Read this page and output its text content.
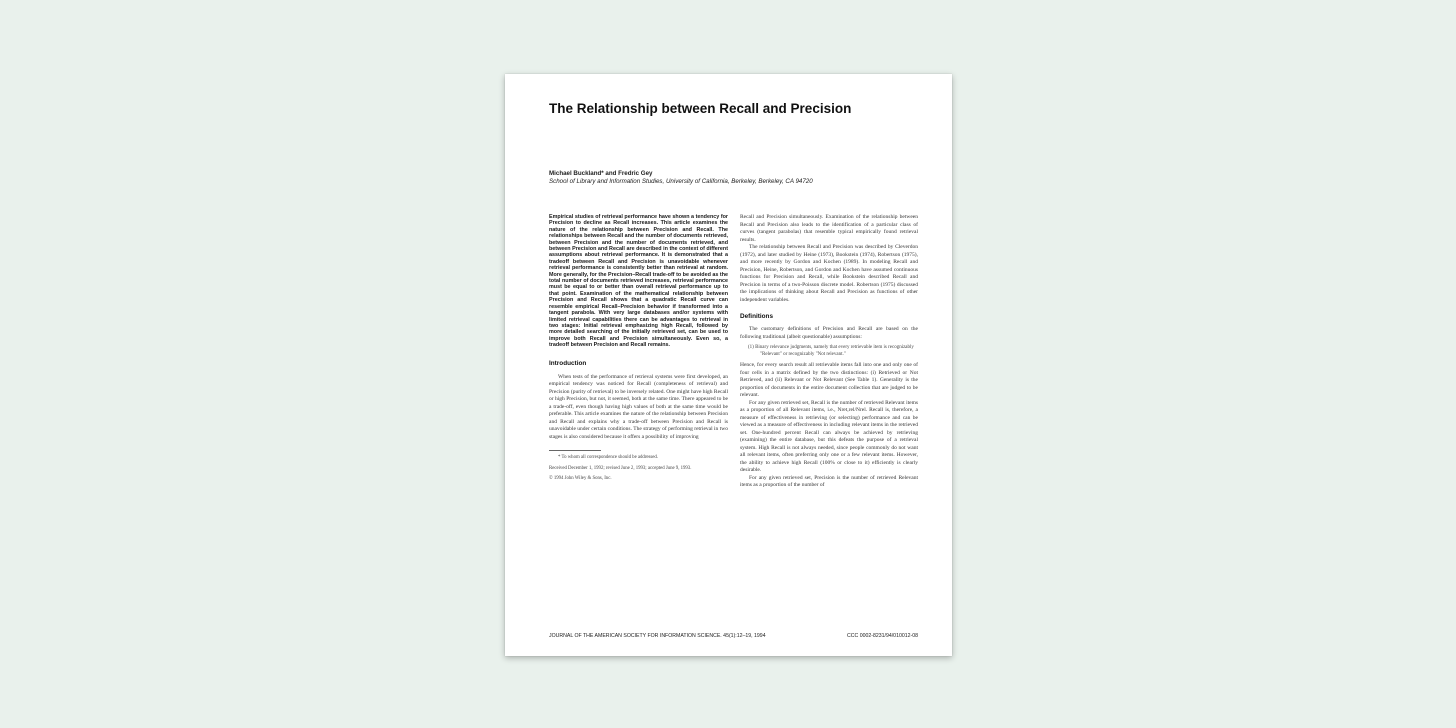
The Relationship between Recall and Precision
Michael Buckland* and Fredric Gey
School of Library and Information Studies, University of California, Berkeley, Berkeley, CA 94720

Empirical studies of retrieval performance have shown a tendency for Precision to decline as Recall increases. This article examines the nature of the relationship between Precision and Recall. The relationships between Recall and the number of documents retrieved, between Precision and the number of documents retrieved, and between Precision and Recall are described in the context of different assumptions about retrieval performance. It is demonstrated that a tradeoff between Recall and Precision is unavoidable whenever retrieval performance is consistently better than retrieval at random. More generally, for the Precision–Recall trade-off to be avoided as the total number of documents retrieved increases, retrieval performance must be equal to or better than overall retrieval performance up to that point. Examination of the mathematical relationship between Precision and Recall shows that a quadratic Recall curve can resemble empirical Recall–Precision behavior if transformed into a tangent parabola. With very large databases and/or systems with limited retrieval capabilities there can be advantages to retrieval in two stages: Initial retrieval emphasizing high Recall, followed by more detailed searching of the initially retrieved set, can be used to improve both Recall and Precision simultaneously. Even so, a tradeoff between Precision and Recall remains.

Introduction

When tests of the performance of retrieval systems were first developed, an empirical tendency was noticed for Recall (completeness of retrieval) and Precision (purity of retrieval) to be inversely related. One might have high Recall or high Precision, but not, it seemed, both at the same time. There appeared to be a trade-off, even though having high values of both at the same time would be preferable. This article examines the nature of the relationship between Precision and Recall and explains why a trade-off between Precision and Recall is unavoidable under certain conditions. The strategy of performing retrieval in two stages is also considered because it offers a possibility of improving

* To whom all correspondence should be addressed.

Received December 1, 1992; revised June 2, 1993; accepted June 9, 1993.

© 1994 John Wiley & Sons, Inc.

Recall and Precision simultaneously. Examination of the relationship between Recall and Precision also leads to the identification of a particular class of curves (tangent parabolas) that resemble typical empirically found retrieval results.

The relationship between Recall and Precision was described by Cleverdon (1972), and later studied by Heine (1973), Bookstein (1974), Robertson (1975), and more recently by Gordon and Kochen (1989). In modeling Recall and Precision, Heine, Robertson, and Gordon and Kochen have assumed continuous functions for Precision and Recall, while Bookstein described Recall and Precision in terms of a two-Poisson discrete model. Robertson (1975) discussed the implications of thinking about Recall and Precision as functions of other independent variables.

Definitions

The customary definitions of Precision and Recall are based on the following traditional (albeit questionable) assumptions:

(1) Binary relevance judgments, namely that every retrievable item is recognizably "Relevant" or recognizably "Not relevant."

Hence, for every search result all retrievable items fall into one and only one of four cells in a matrix defined by the two distinctions: (i) Retrieved or Not Retrieved, and (ii) Relevant or Not Relevant (See Table 1). Generality is the proportion of documents in the entire document collection that are judged to be relevant.

For any given retrieved set, Recall is the number of retrieved Relevant items as a proportion of all Relevant items, i.e., Nret,rel/Nrel. Recall is, therefore, a measure of effectiveness in retrieving (or selecting) performance and can be viewed as a measure of effectiveness in including relevant items in the retrieved set. One-hundred percent Recall can always be achieved by retrieving (examining) the entire database, but this defeats the purpose of a retrieval system. High Recall is not always needed, since people commonly do not want all relevant items, often preferring only one or a few relevant items. However, the ability to achieve high Recall (100% or close to it) efficiently is clearly desirable.

For any given retrieved set, Precision is the number of retrieved Relevant items as a proportion of the number of

JOURNAL OF THE AMERICAN SOCIETY FOR INFORMATION SCIENCE. 45(1):12–19, 1994	CCC 0002-8231/94/010012-08
